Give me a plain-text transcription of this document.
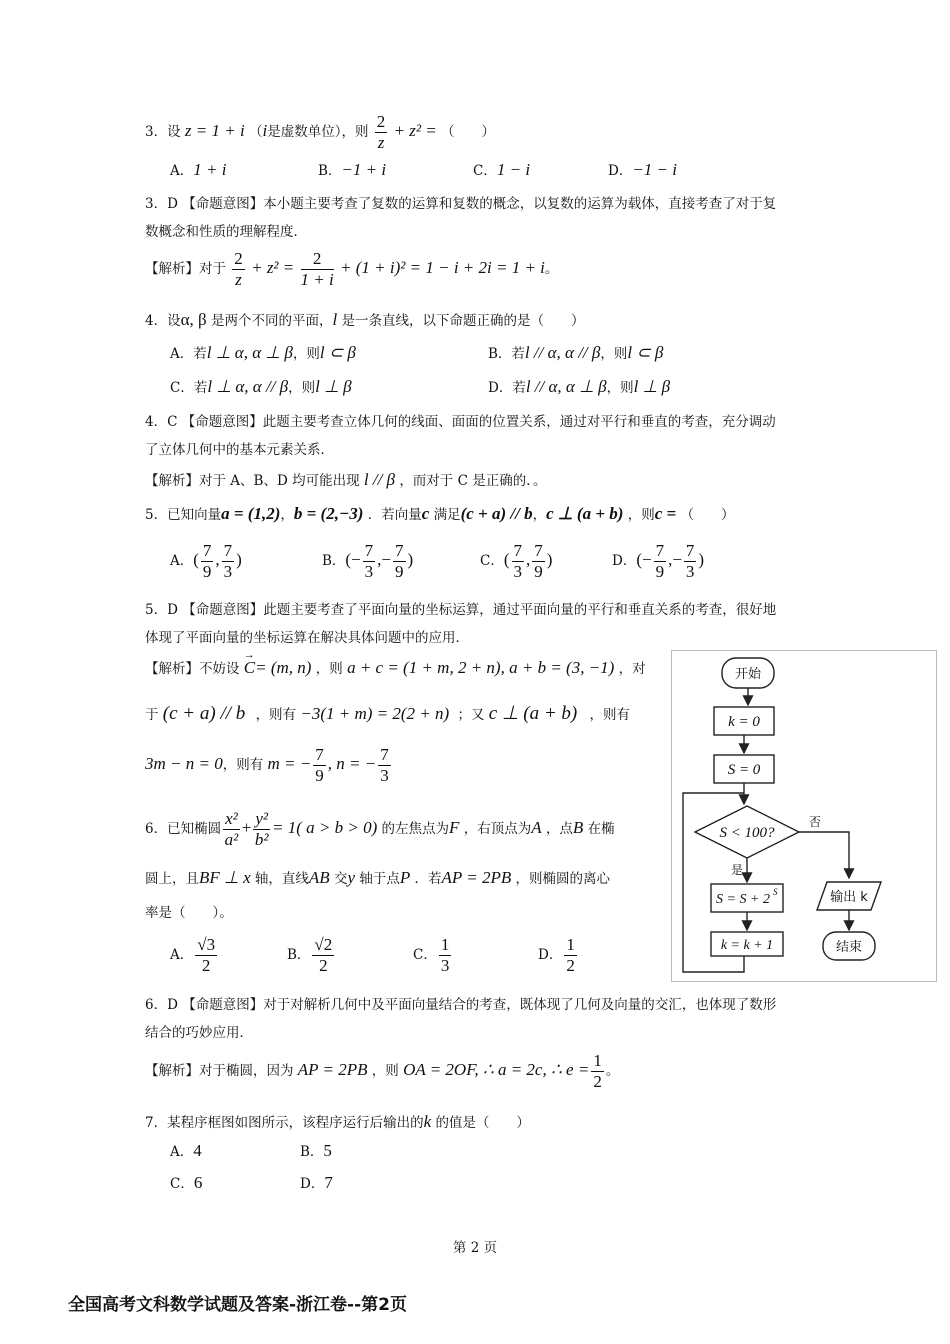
3．设 z = 1 + i （i是虚数单位），则 $\frac{2}{z} + z^2$ = （　　）
A．1 + i	B．−1 + i	C．1 − i	D．−1 − i
3．D 【命题意图】本小题主要考查了复数的运算和复数的概念，以复数的运算为载体，直接考查了对于复
数概念和性质的理解程度．
【解析】对于 $\frac{2}{z} + z^2 = \frac{2}{1 + i} + (1 + i)^2 = 1 - i + 2i = 1 + i$。
4．设α, β 是两个不同的平面，l 是一条直线，以下命题正确的是（　　）
A．若l ⊥ α, α ⊥ β，则l ⊂ β	B．若l // α, α // β，则l ⊂ β
C．若l ⊥ α, α // β，则l ⊥ β	D．若l // α, α ⊥ β，则l ⊥ β
4．C 【命题意图】此题主要考查立体几何的线面、面面的位置关系，通过对平行和垂直的考查，充分调动
了立体几何中的基本元素关系．
【解析】对于 A、B、D 均可能出现 l // β ，而对于 C 是正确的．。
5．已知向量a = (1,2)，b = (2,−3) ．若向量c 满足(c + a) // b，c ⊥ (a + b) ，则c = （　　）
A．( $\frac{7}{9}$ , $\frac{7}{3}$ )	B．(− $\frac{7}{3}$ ,− $\frac{7}{9}$ )	C．( $\frac{7}{3}$ , $\frac{7}{9}$ )	D．(− $\frac{7}{9}$ ,− $\frac{7}{3}$ )
5．D 【命题意图】此题主要考查了平面向量的坐标运算，通过平面向量的平行和垂直关系的考查，很好地
体现了平面向量的坐标运算在解决具体问题中的应用．
【解析】不妨设 → C= (m, n) ，则 a + c = (1 + m, 2 + n), a + b = (3, −1) ，对
于 (c + a) // b ，则有 −3(1 + m) = 2(2 + n) ；又 c ⊥ (a + b) ，则有
3m − n = 0，则有 m = − $\frac{7}{9}$ , n = − $\frac{7}{3}$
6．已知椭圆 $\frac{\text{x²}}{\text{a²}} + \frac{\text{y²}}{\text{b²}} = 1$( a > b > 0) 的左焦点为F ，右顶点为A ，点B 在椭
圆上，且BF ⊥ x 轴，直线AB 交y 轴于点P ．若AP = 2PB ，则椭圆的离心
率是（　　）。
A． $\frac{√3}{2}$	B． $\frac{√2}{2}$	C． $\frac{1}{3}$	D． $\frac{1}{2}$
6．D 【命题意图】对于对解析几何中及平面向量结合的考查，既体现了几何及向量的交汇，也体现了数形
结合的巧妙应用．
【解析】对于椭圆，因为 AP = 2PB ，则 OA = 2OF, ∴ a = 2c, ∴ $e = \frac{1}{2}$ 。
7．某程序框图如图所示，该程序运行后输出的k 的值是（　　）
A．4	B．5
C．6	D．7
开始
k = 0
S = 0
S < 100?
否
是
S = S + 2 S
k = k + 1
输出 k
结束
第 2 页
全国高考文科数学试题及答案-浙江卷--第2页
